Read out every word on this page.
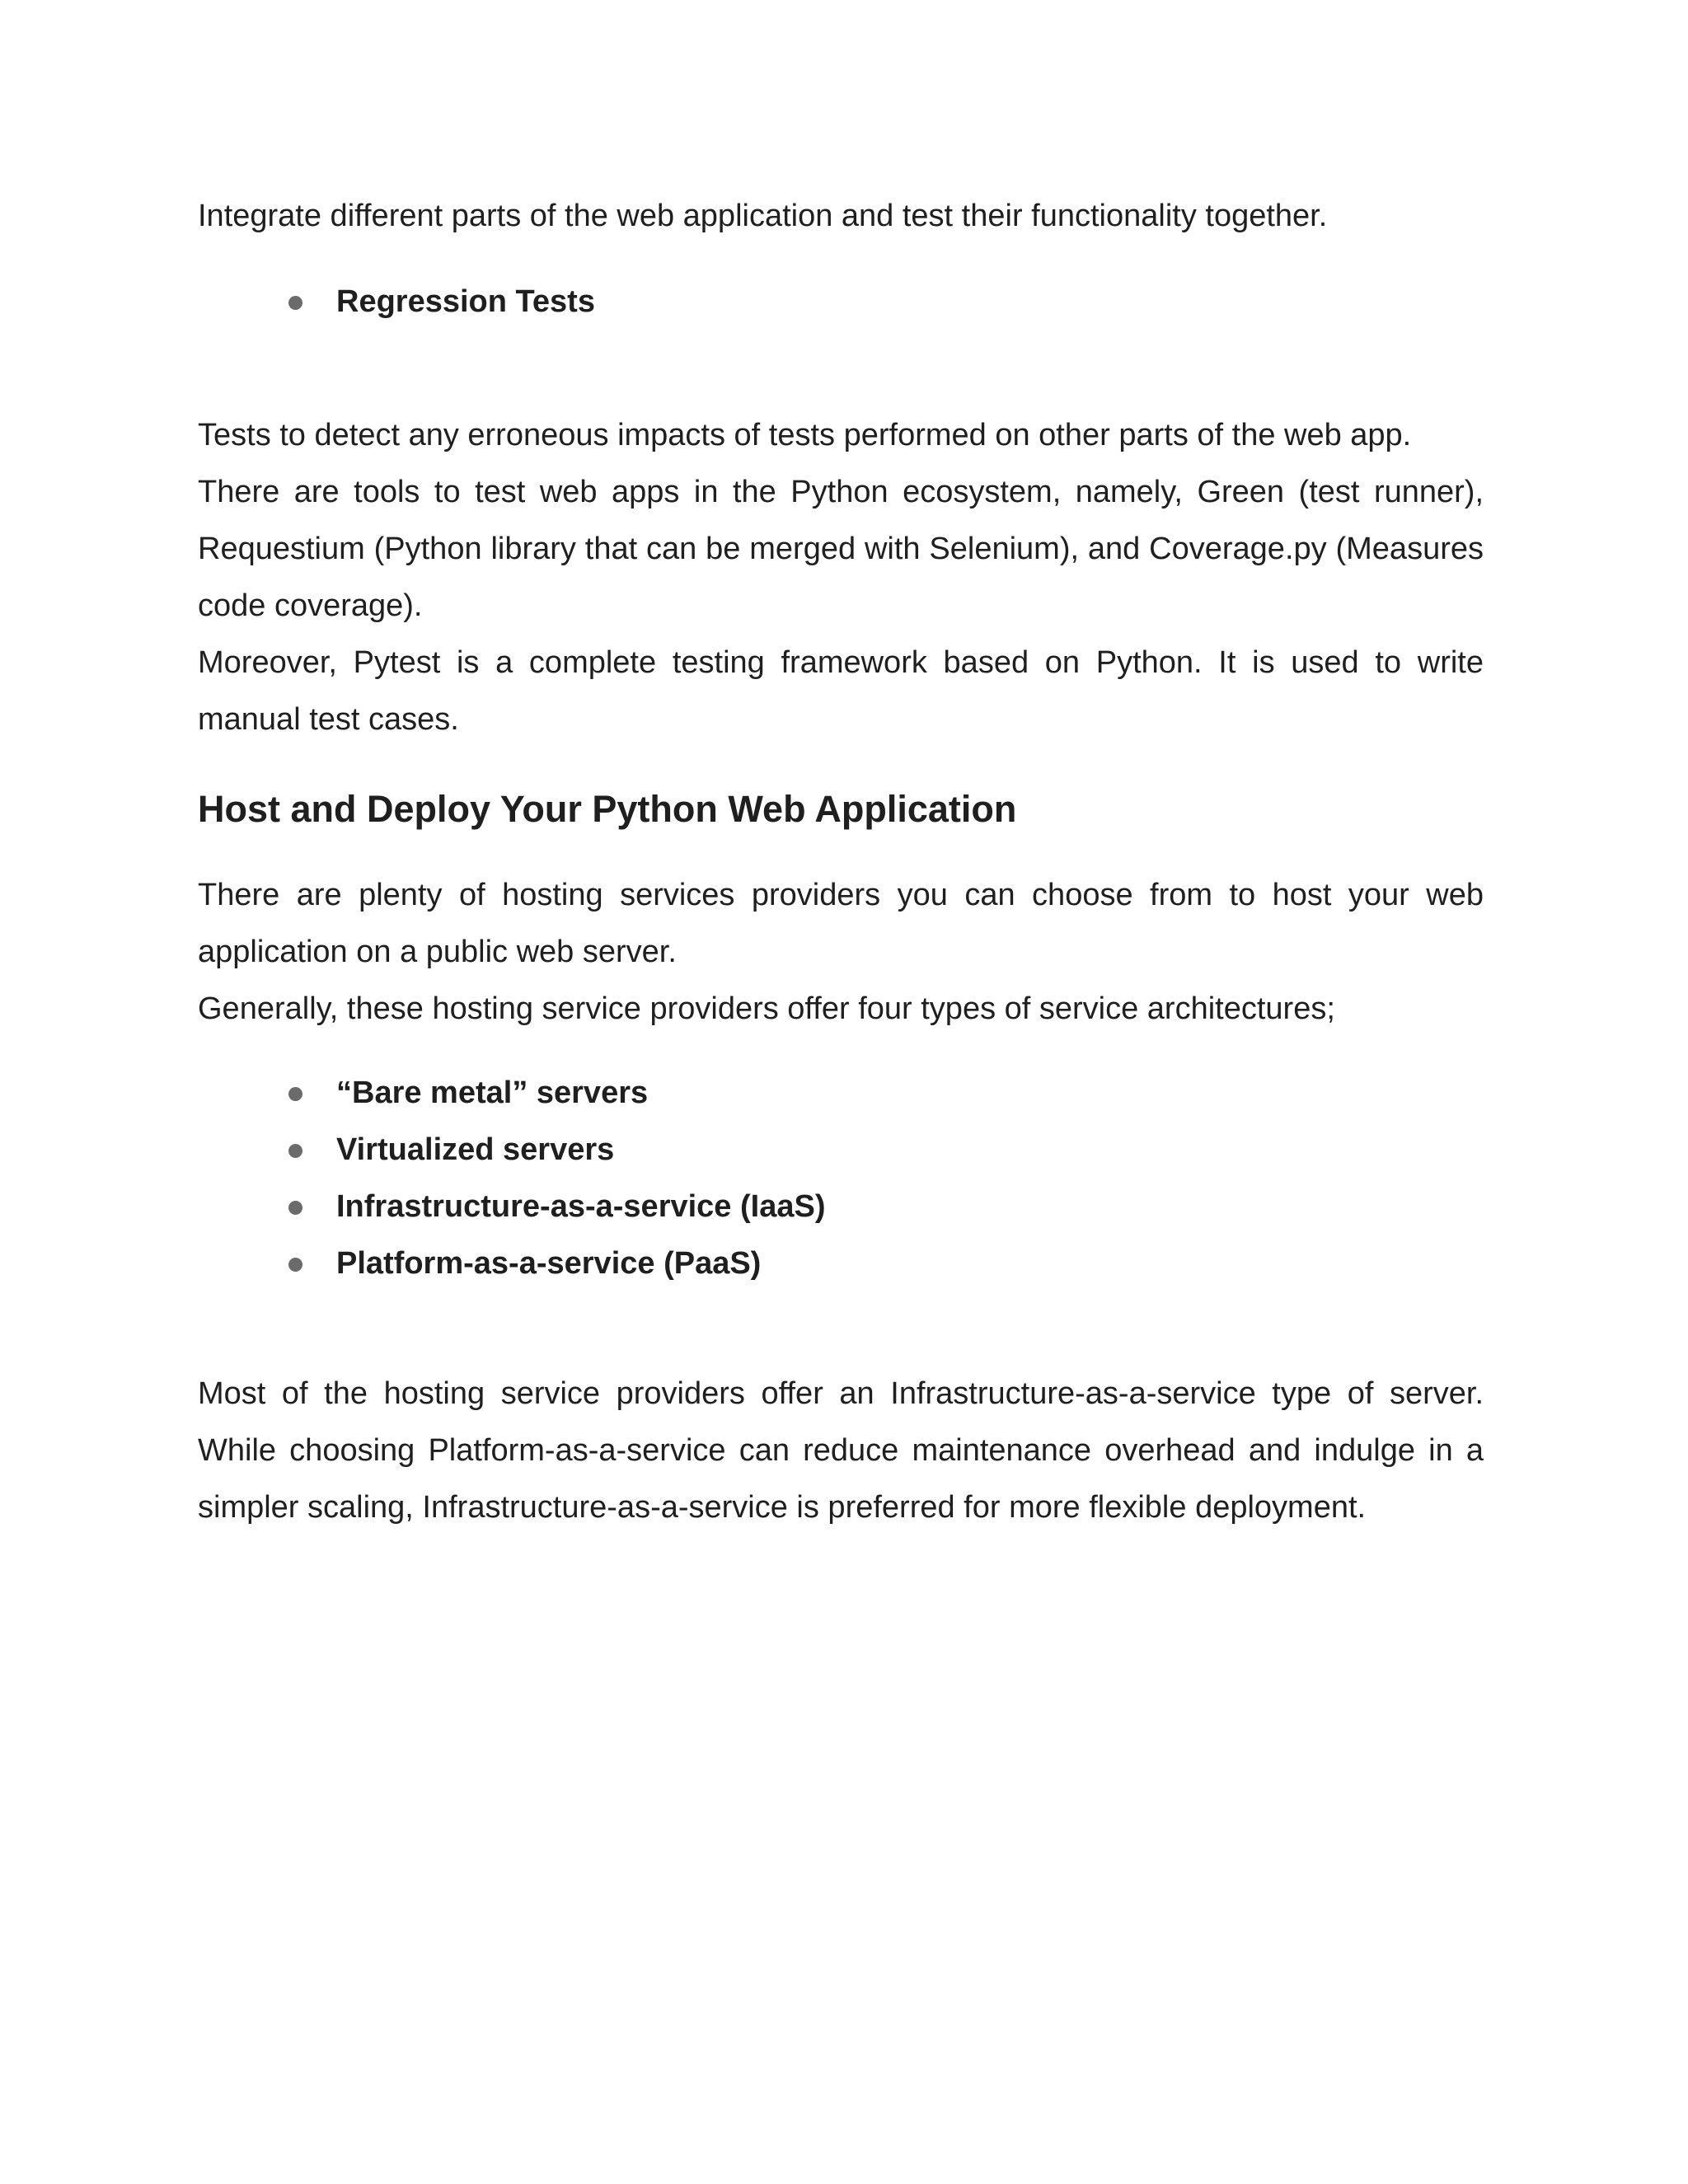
Integrate different parts of the web application and test their functionality together.

Regression Tests
Tests to detect any erroneous impacts of tests performed on other parts of the web app.
There are tools to test web apps in the Python ecosystem, namely, Green (test runner), Requestium (Python library that can be merged with Selenium), and Coverage.py (Measures code coverage).
Moreover, Pytest is a complete testing framework based on Python. It is used to write manual test cases.
Host and Deploy Your Python Web Application
There are plenty of hosting services providers you can choose from to host your web application on a public web server.
Generally, these hosting service providers offer four types of service architectures;
“Bare metal” servers
Virtualized servers
Infrastructure-as-a-service (IaaS)
Platform-as-a-service (PaaS)

Most of the hosting service providers offer an Infrastructure-as-a-service type of server. While choosing Platform-as-a-service can reduce maintenance overhead and indulge in a simpler scaling, Infrastructure-as-a-service is preferred for more flexible deployment.
